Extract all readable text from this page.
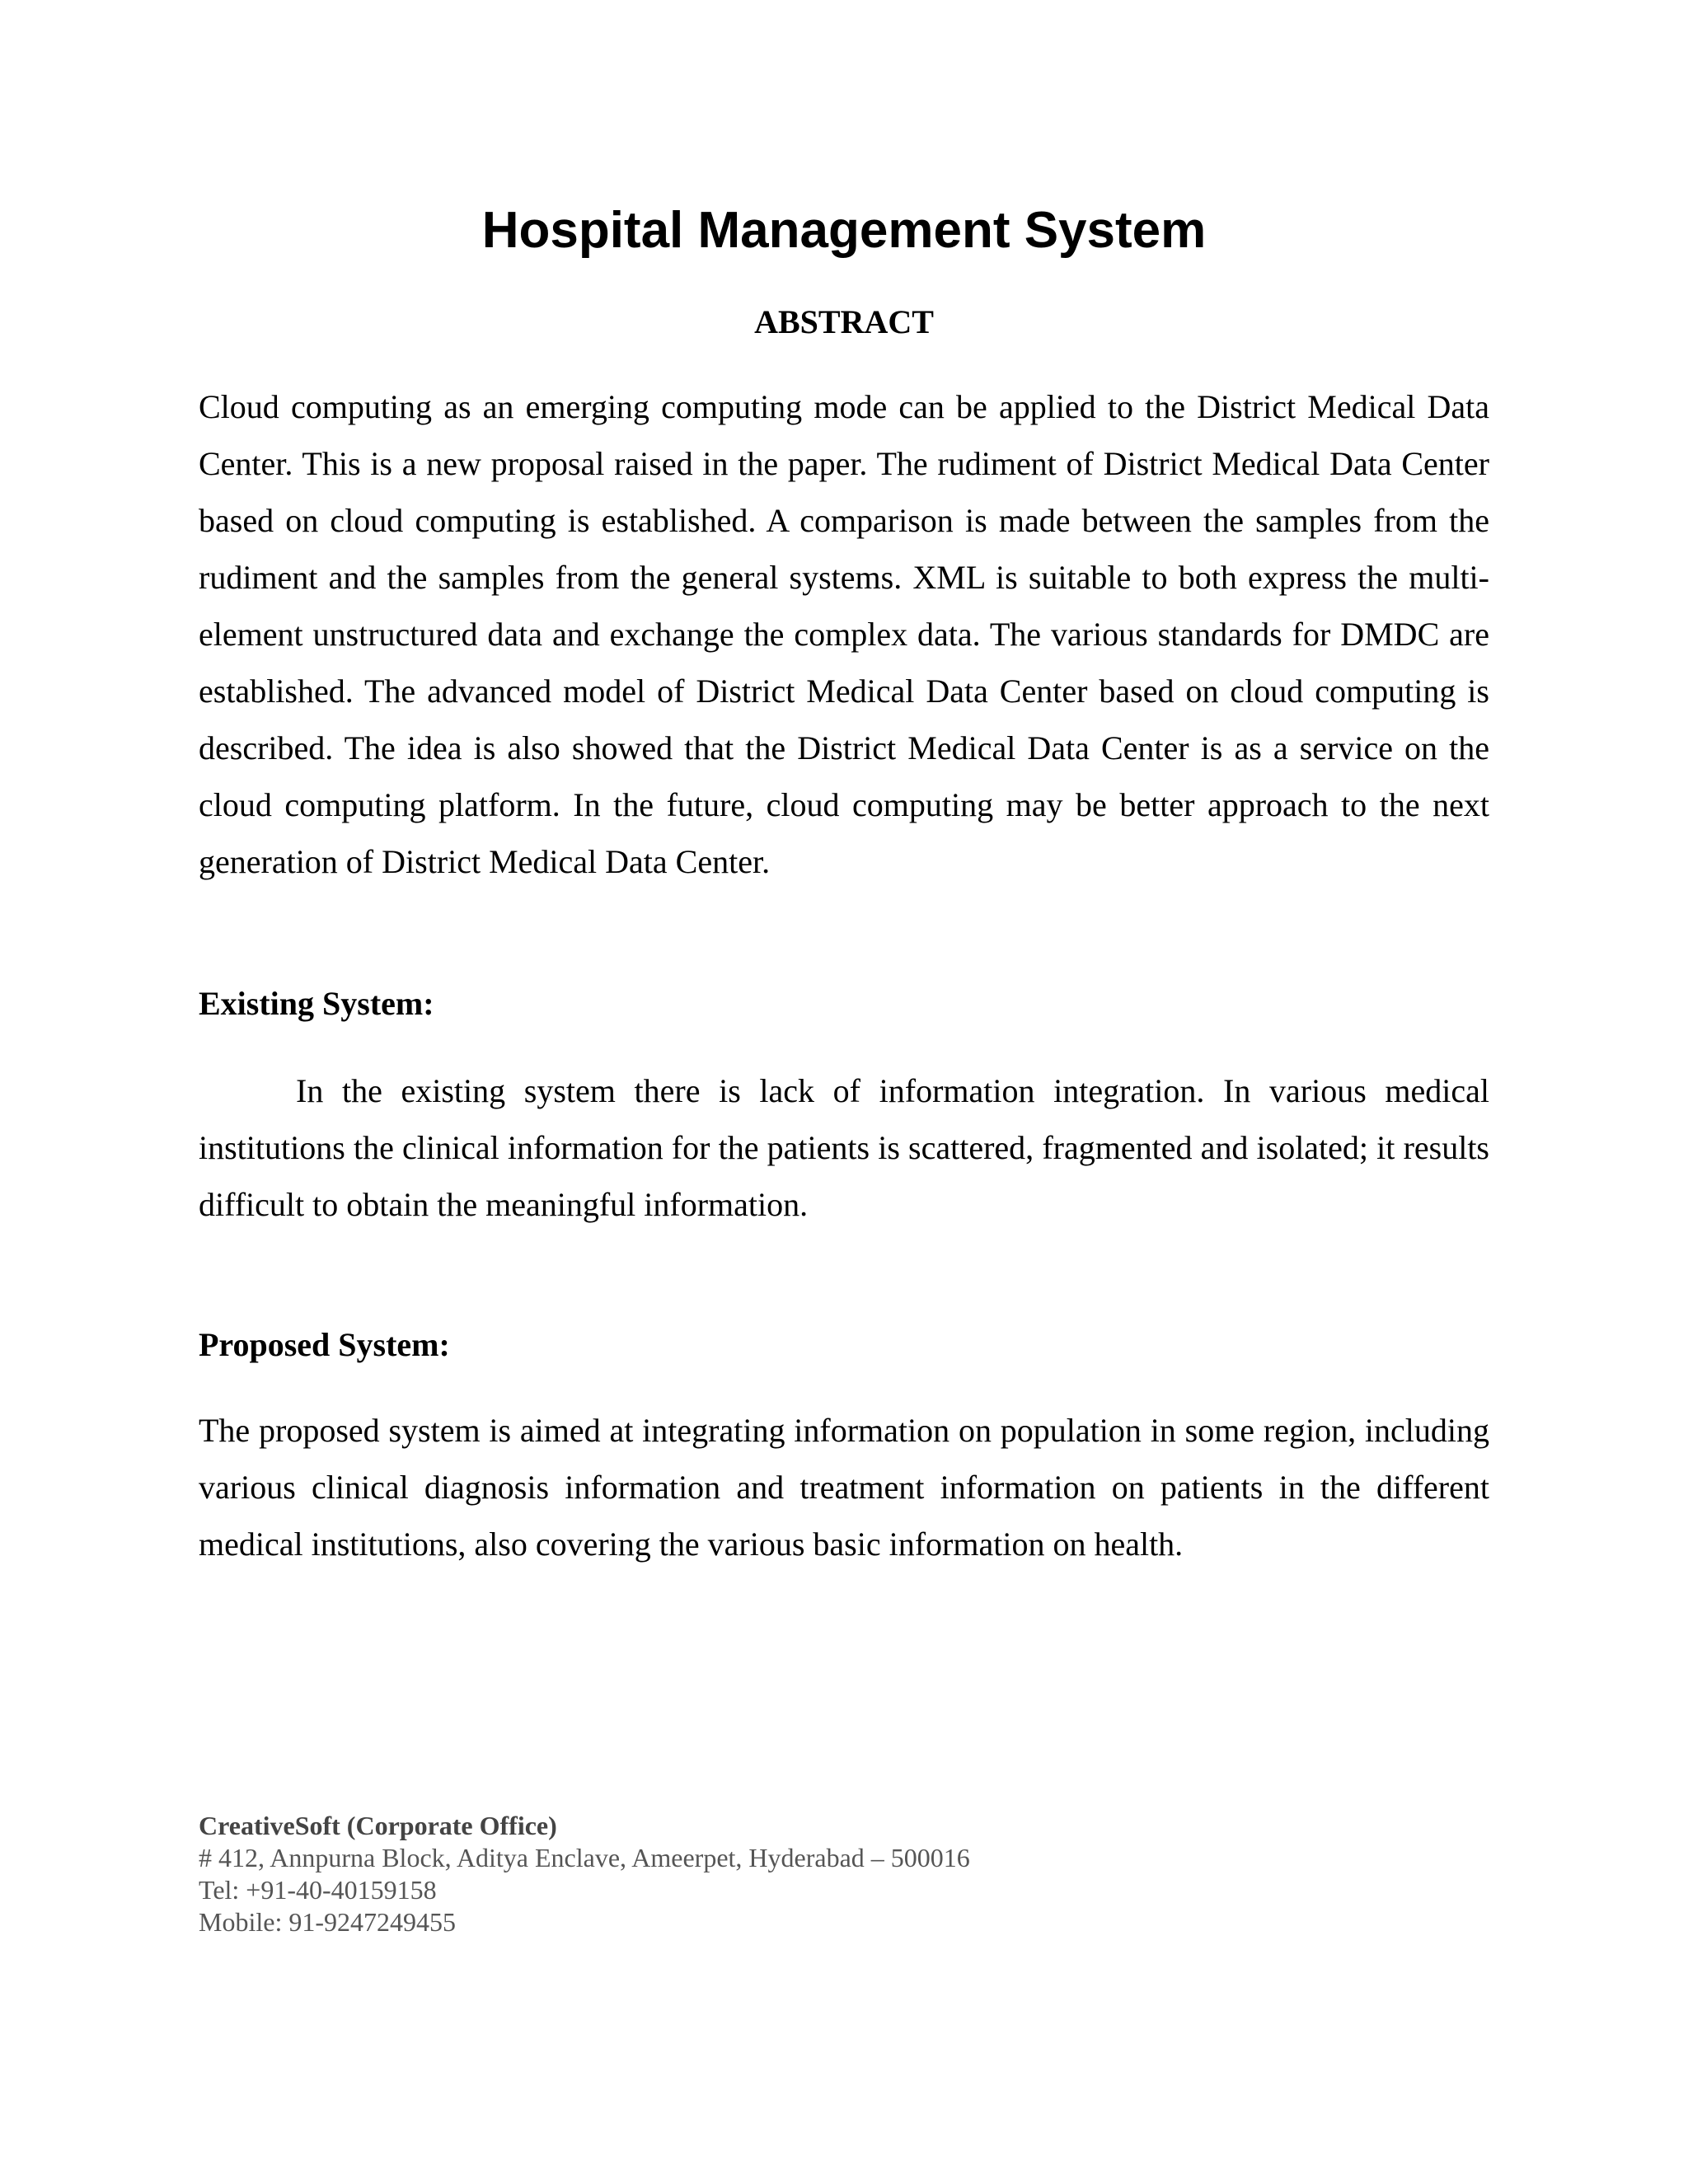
Hospital Management System
ABSTRACT

Cloud computing as an emerging computing mode can be applied to the District Medical Data Center. This is a new proposal raised in the paper. The rudiment of District Medical Data Center based on cloud computing is established. A comparison is made between the samples from the rudiment and the samples from the general systems. XML is suitable to both express the multi-element unstructured data and exchange the complex data. The various standards for DMDC are established. The advanced model of District Medical Data Center based on cloud computing is described. The idea is also showed that the District Medical Data Center is as a service on the cloud computing platform. In the future, cloud computing may be better approach to the next generation of District Medical Data Center.

Existing System:

In the existing system there is lack of information integration. In various medical institutions the clinical information for the patients is scattered, fragmented and isolated; it results difficult to obtain the meaningful information.

Proposed System:

The proposed system is aimed at integrating information on population in some region, including various clinical diagnosis information and treatment information on patients in the different medical institutions, also covering the various basic information on health.

CreativeSoft (Corporate Office)
# 412, Annpurna Block, Aditya Enclave, Ameerpet, Hyderabad – 500016
Tel: +91-40-40159158
Mobile: 91-9247249455
